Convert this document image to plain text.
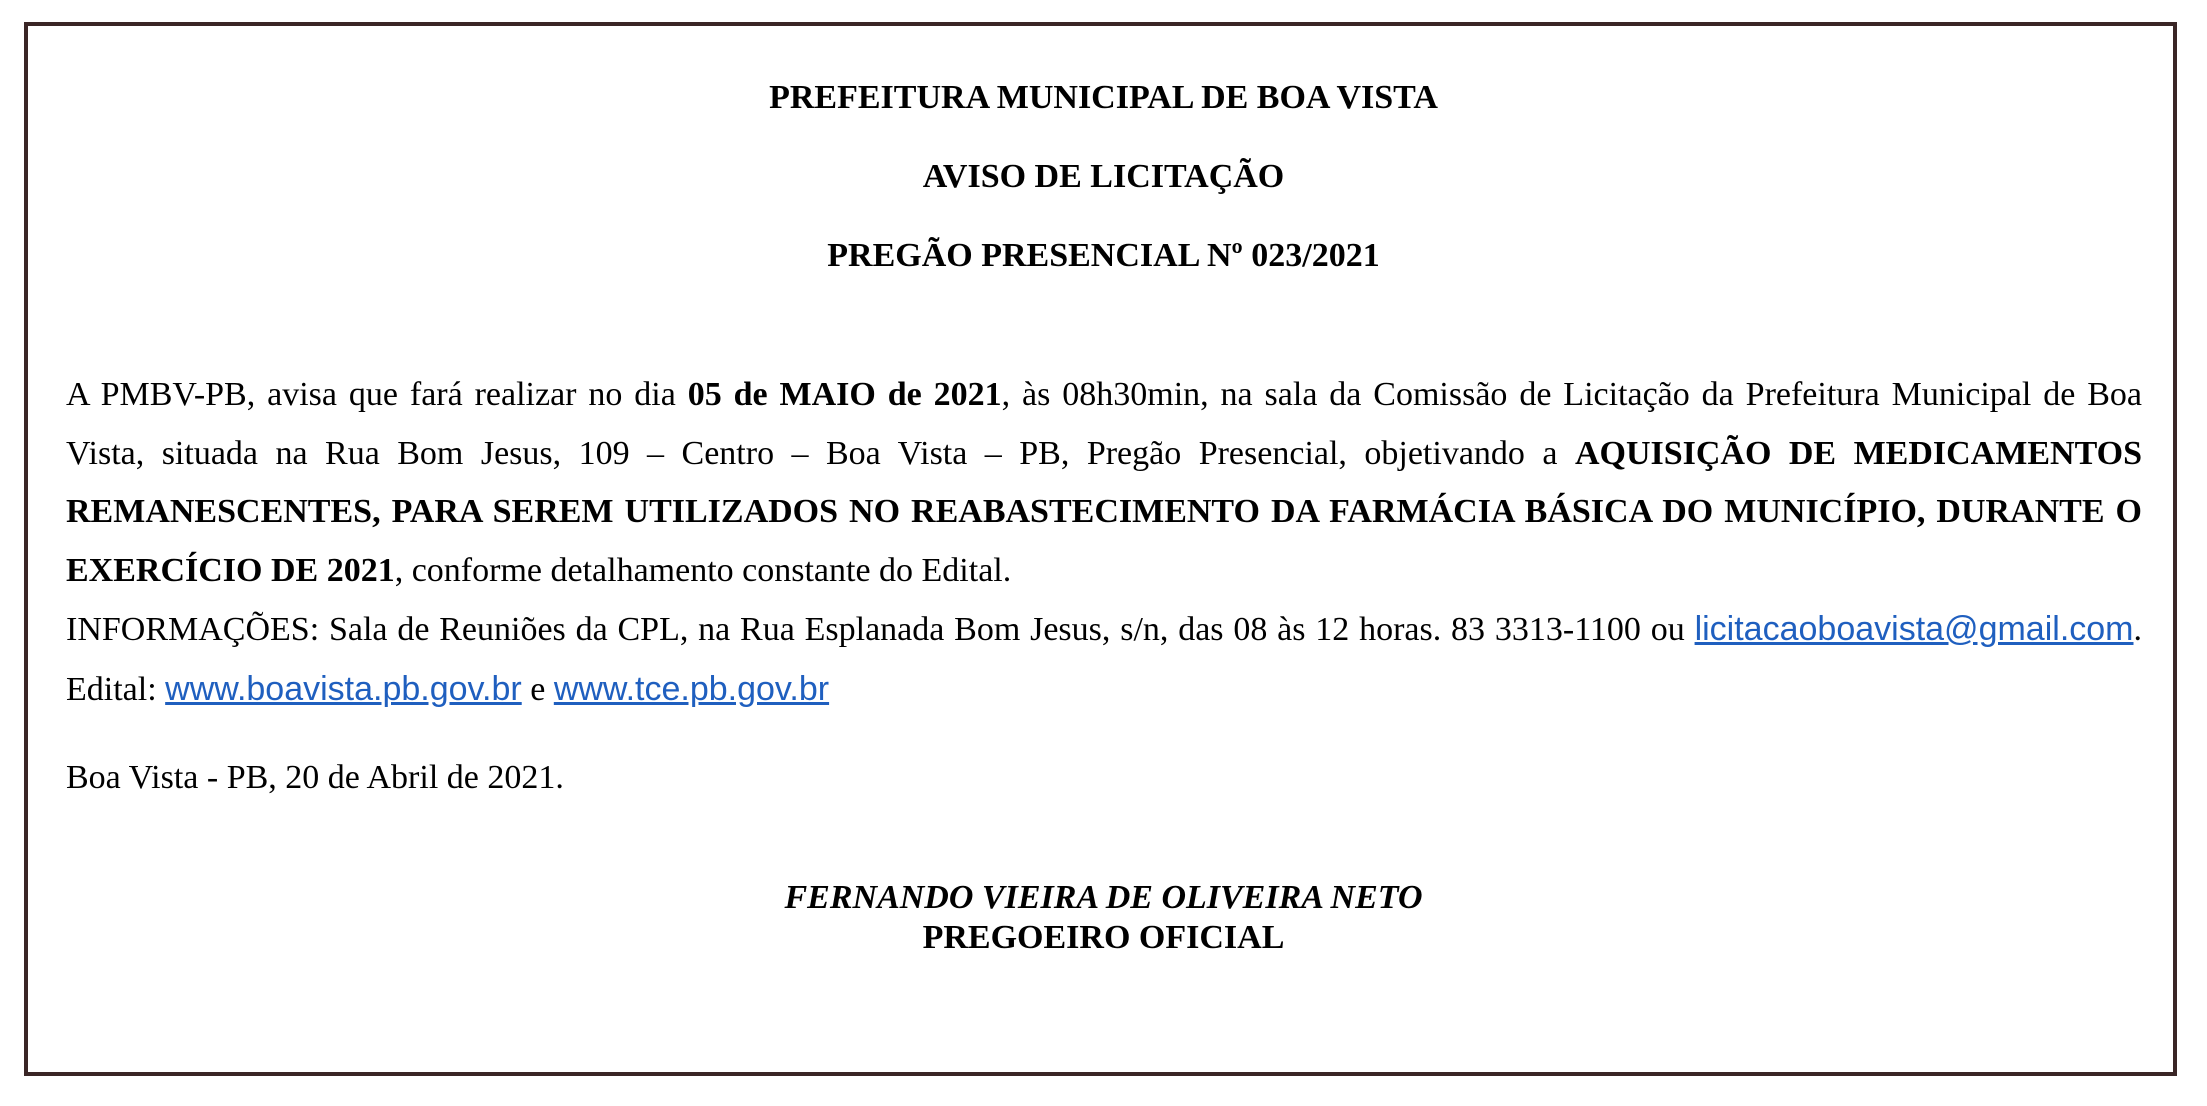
PREFEITURA MUNICIPAL DE BOA VISTA

AVISO DE LICITAÇÃO

PREGÃO PRESENCIAL Nº 023/2021

A PMBV-PB, avisa que fará realizar no dia 05 de MAIO de 2021, às 08h30min, na sala da Comissão de Licitação da Prefeitura Municipal de Boa Vista, situada na Rua Bom Jesus, 109 – Centro – Boa Vista – PB, Pregão Presencial, objetivando a AQUISIÇÃO DE MEDICAMENTOS REMANESCENTES, PARA SEREM UTILIZADOS NO REABASTECIMENTO DA FARMÁCIA BÁSICA DO MUNICÍPIO, DURANTE O EXERCÍCIO DE 2021, conforme detalhamento constante do Edital.
INFORMAÇÕES: Sala de Reuniões da CPL, na Rua Esplanada Bom Jesus, s/n, das 08 às 12 horas. 83 3313-1100 ou licitacaoboavista@gmail.com. Edital: www.boavista.pb.gov.br e www.tce.pb.gov.br

Boa Vista - PB, 20 de Abril de 2021.

FERNANDO VIEIRA DE OLIVEIRA NETO

PREGOEIRO OFICIAL
